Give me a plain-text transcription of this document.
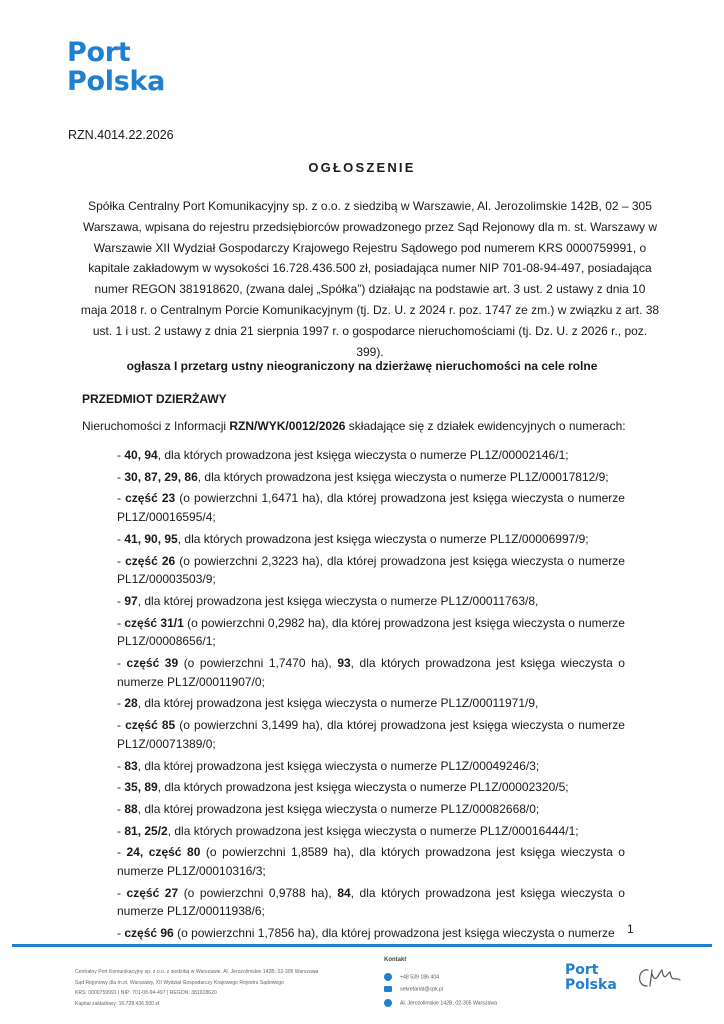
Port
Polska
RZN.4014.22.2026
OGŁOSZENIE
Spółka Centralny Port Komunikacyjny sp. z o.o. z siedzibą w Warszawie, Al. Jerozolimskie 142B, 02 – 305 Warszawa, wpisana do rejestru przedsiębiorców prowadzonego przez Sąd Rejonowy dla m. st. Warszawy w Warszawie XII Wydział Gospodarczy Krajowego Rejestru Sądowego pod numerem KRS 0000759991, o kapitale zakładowym w wysokości 16.728.436.500 zł, posiadająca numer NIP 701-08-94-497, posiadająca numer REGON 381918620, (zwana dalej „Spółka”) działając na podstawie art. 3 ust. 2 ustawy z dnia 10 maja 2018 r. o Centralnym Porcie Komunikacyjnym (tj. Dz. U. z 2024 r. poz. 1747 ze zm.) w związku z art. 38 ust. 1 i ust. 2 ustawy z dnia 21 sierpnia 1997 r. o gospodarce nieruchomościami (tj. Dz. U. z 2026 r., poz. 399).
ogłasza I przetarg ustny nieograniczony na dzierżawę nieruchomości na cele rolne
PRZEDMIOT DZIERŻAWY
Nieruchomości z Informacji RZN/WYK/0012/2026 składające się z działek ewidencyjnych o numerach:
- 40, 94, dla których prowadzona jest księga wieczysta o numerze PL1Z/00002146/1;
- 30, 87, 29, 86, dla których prowadzona jest księga wieczysta o numerze PL1Z/00017812/9;
- część 23 (o powierzchni 1,6471 ha), dla której prowadzona jest księga wieczysta o numerze PL1Z/00016595/4;
- 41, 90, 95, dla których prowadzona jest księga wieczysta o numerze PL1Z/00006997/9;
- część 26 (o powierzchni 2,3223 ha), dla której prowadzona jest księga wieczysta o numerze PL1Z/00003503/9;
- 97, dla której prowadzona jest księga wieczysta o numerze PL1Z/00011763/8,
- część 31/1 (o powierzchni 0,2982 ha), dla której prowadzona jest księga wieczysta o numerze PL1Z/00008656/1;
- część 39 (o powierzchni 1,7470 ha), 93, dla których prowadzona jest księga wieczysta o numerze PL1Z/00011907/0;
- 28, dla której prowadzona jest księga wieczysta o numerze PL1Z/00011971/9,
- część 85 (o powierzchni 3,1499 ha), dla której prowadzona jest księga wieczysta o numerze PL1Z/00071389/0;
- 83, dla której prowadzona jest księga wieczysta o numerze PL1Z/00049246/3;
- 35, 89, dla których prowadzona jest księga wieczysta o numerze PL1Z/00002320/5;
- 88, dla której prowadzona jest księga wieczysta o numerze PL1Z/00082668/0;
- 81, 25/2, dla których prowadzona jest księga wieczysta o numerze PL1Z/00016444/1;
- 24, część 80 (o powierzchni 1,8589 ha), dla których prowadzona jest księga wieczysta o numerze PL1Z/00010316/3;
- część 27 (o powierzchni 0,9788 ha), 84, dla których prowadzona jest księga wieczysta o numerze PL1Z/00011938/6;
- część 96 (o powierzchni 1,7856 ha), dla której prowadzona jest księga wieczysta o numerze	1
Centralny Port Komunikacyjny sp. z o.o. z siedzibą w Warszawie, Al. Jerozolimskie 142B, 02-305 Warszawa
Sąd Rejonowy dla m.st. Warszawy, XII Wydział Gospodarczy Krajowego Rejestru Sądowego
KRS: 0000759991 | NIP: 701-08-94-497 | REGON: 381918620
Kapitał zakładowy: 16.728.436.500 zł
Kontakt
+48 539 186 404
sekretariat@cpk.pl
Al. Jerozolimskie 142B, 02-305 Warszawa
Port
Polska
